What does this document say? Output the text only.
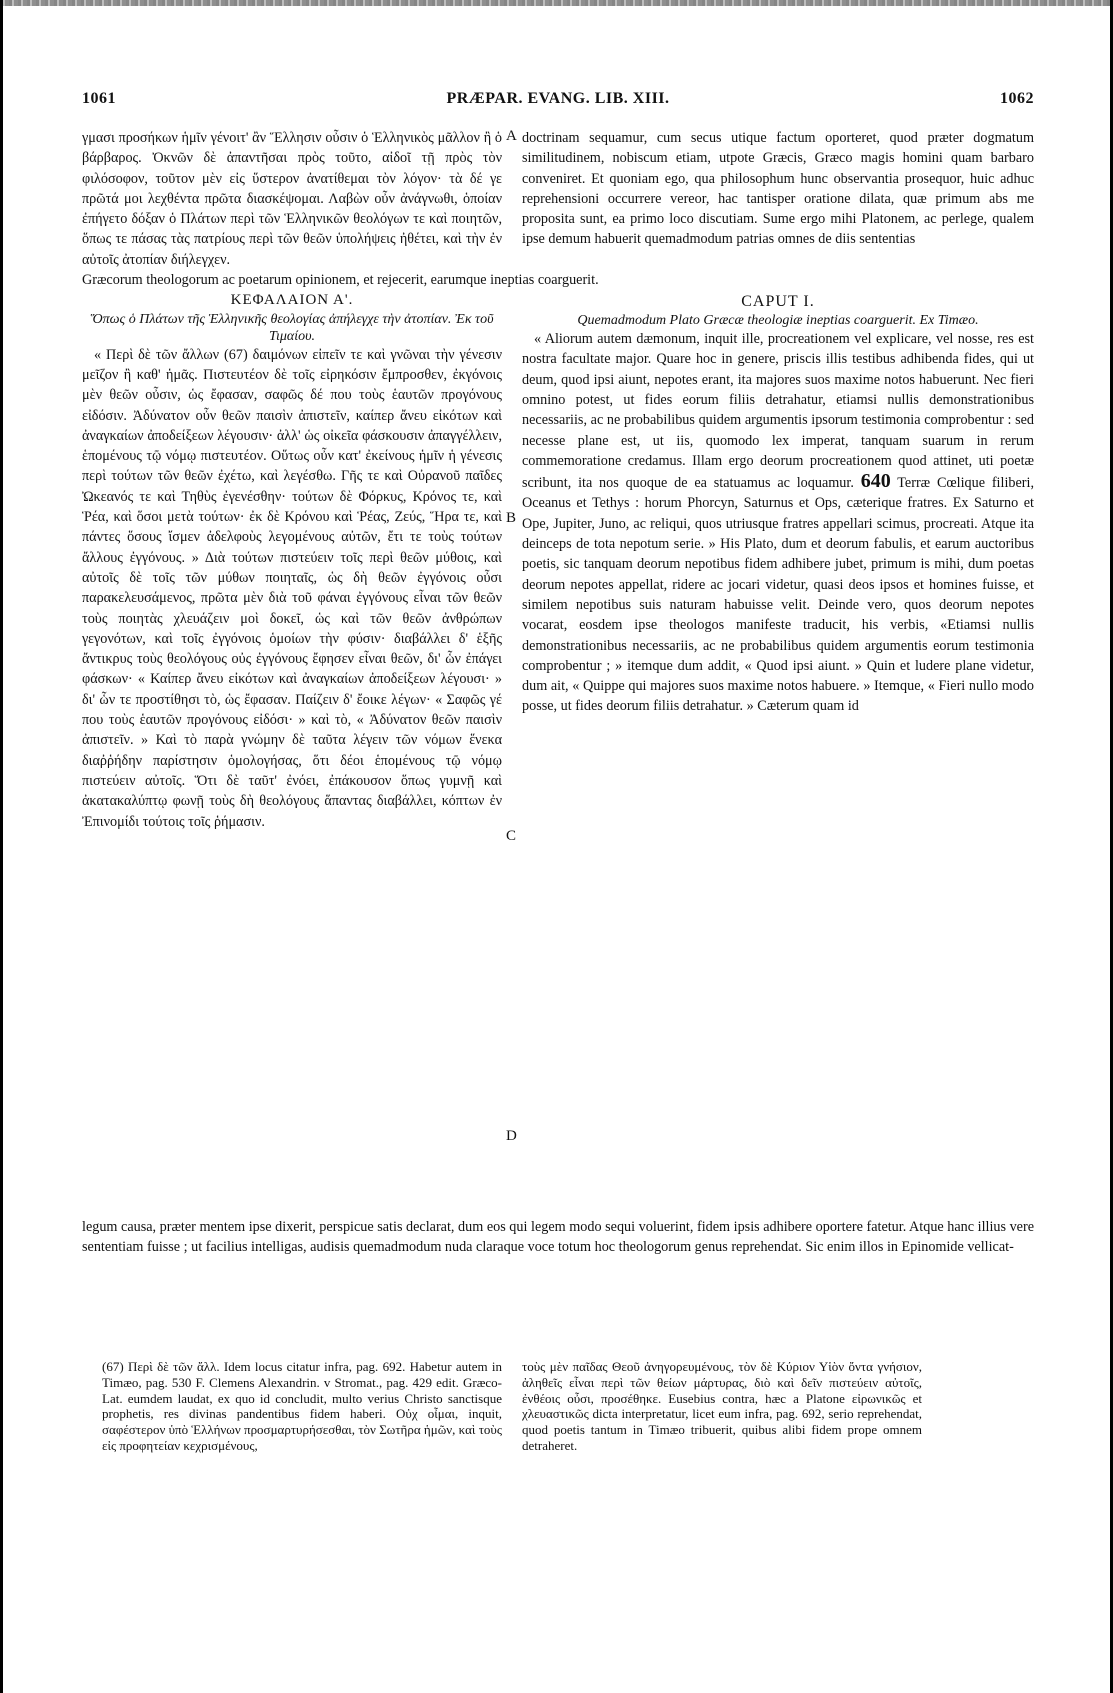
1061	PRÆPAR. EVANG. LIB. XIII.	1062
A
B
C
D

γμασι προσήκων ἡμῖν γένοιτ' ἂν Ἕλλησιν οὖσιν ὁ Ἑλληνικὸς μᾶλλον ἢ ὁ βάρβαρος. Ὀκνῶν δὲ ἀπαντῆσαι πρὸς τοῦτο, αἰδοῖ τῇ πρὸς τὸν φιλόσοφον, τοῦτον μὲν εἰς ὕστερον ἀνατίθεμαι τὸν λόγον· τὰ δέ γε πρῶτά μοι λεχθέντα πρῶτα διασκέψομαι. Λαβὼν οὖν ἀνάγνωθι, ὁποίαν ἐπήγετο δόξαν ὁ Πλάτων περὶ τῶν Ἑλληνικῶν θεολόγων τε καὶ ποιητῶν, ὅπως τε πάσας τὰς πατρίους περὶ τῶν θεῶν ὑπολήψεις ἠθέτει, καὶ τὴν ἐν αὐτοῖς ἀτοπίαν διήλεγχεν.

Græcorum theologorum ac poetarum opinionem, et rejecerit, earumque ineptias coarguerit.

ΚΕΦΑΛΑΙΟΝ Α'.

Ὅπως ὁ Πλάτων τῆς Ἑλληνικῆς θεολογίας ἀπήλεγχε τὴν ἀτοπίαν. Ἐκ τοῦ Τιμαίου.

« Περὶ δὲ τῶν ἄλλων (67) δαιμόνων εἰπεῖν τε καὶ γνῶναι τὴν γένεσιν μεῖζον ἢ καθ' ἡμᾶς. Πιστευτέον δὲ τοῖς εἰρηκόσιν ἔμπροσθεν, ἐκγόνοις μὲν θεῶν οὖσιν, ὡς ἔφασαν, σαφῶς δέ που τοὺς ἑαυτῶν προγόνους εἰδόσιν. Ἀδύνατον οὖν θεῶν παισὶν ἀπιστεῖν, καίπερ ἄνευ εἰκότων καὶ ἀναγκαίων ἀποδείξεων λέγουσιν· ἀλλ' ὡς οἰκεῖα φάσκουσιν ἀπαγγέλλειν, ἑπομένους τῷ νόμῳ πιστευτέον. Οὕτως οὖν κατ' ἐκείνους ἡμῖν ἡ γένεσις περὶ τούτων τῶν θεῶν ἐχέτω, καὶ λεγέσθω. Γῆς τε καὶ Οὐρανοῦ παῖδες Ὠκεανός τε καὶ Τηθὺς ἐγενέσθην· τούτων δὲ Φόρκυς, Κρόνος τε, καὶ Ῥέα, καὶ ὅσοι μετὰ τούτων· ἐκ δὲ Κρόνου καὶ Ῥέας, Ζεύς, Ἥρα τε, καὶ πάντες ὅσους ἴσμεν ἀδελφοὺς λεγομένους αὐτῶν, ἔτι τε τοὺς τούτων ἄλλους ἐγγόνους. » Διὰ τούτων πιστεύειν τοῖς περὶ θεῶν μύθοις, καὶ αὐτοῖς δὲ τοῖς τῶν μύθων ποιηταῖς, ὡς δὴ θεῶν ἐγγόνοις οὖσι παρακελευσάμενος, πρῶτα μὲν διὰ τοῦ φάναι ἐγγόνους εἶναι τῶν θεῶν τοὺς ποιητὰς χλευάζειν μοὶ δοκεῖ, ὡς καὶ τῶν θεῶν ἀνθρώπων γεγονότων, καὶ τοῖς ἐγγόνοις ὁμοίων τὴν φύσιν· διαβάλλει δ' ἑξῆς ἄντικρυς τοὺς θεολόγους οὐς ἐγγόνους ἔφησεν εἶναι θεῶν, δι' ὧν ἐπάγει φάσκων· « Καίπερ ἄνευ εἰκότων καὶ ἀναγκαίων ἀποδείξεων λέγουσι· » δι' ὧν τε προστίθησι τὸ, ὡς ἔφασαν. Παίζειν δ' ἔοικε λέγων· « Σαφῶς γέ που τοὺς ἑαυτῶν προγόνους εἰδόσι· » καὶ τὸ, « Ἀδύνατον θεῶν παισὶν ἀπιστεῖν. » Καὶ τὸ παρὰ γνώμην δὲ ταῦτα λέγειν τῶν νόμων ἕνεκα διαῤῥήδην παρίστησιν ὁμολογήσας, ὅτι δέοι ἑπομένους τῷ νόμῳ πιστεύειν αὐτοῖς. Ὅτι δὲ ταῦτ' ἐνόει, ἐπάκουσον ὅπως γυμνῇ καὶ ἀκατακαλύπτῳ φωνῇ τοὺς δὴ θεολόγους ἅπαντας διαβάλλει, κόπτων ἐν Ἐπινομίδι τούτοις τοῖς ῥήμασιν.

doctrinam sequamur, cum secus utique factum oporteret, quod præter dogmatum similitudinem, nobiscum etiam, utpote Græcis, Græco magis homini quam barbaro conveniret. Et quoniam ego, qua philosophum hunc observantia prosequor, huic adhuc reprehensioni occurrere vereor, hac tantisper oratione dilata, quæ primum abs me proposita sunt, ea primo loco discutiam. Sume ergo mihi Platonem, ac perlege, qualem ipse demum habuerit quemadmodum patrias omnes de diis sententias

CAPUT I.

Quemadmodum Plato Græcæ theologiæ ineptias coarguerit. Ex Timæo.

« Aliorum autem dæmonum, inquit ille, procreationem vel explicare, vel nosse, res est nostra facultate major. Quare hoc in genere, priscis illis testibus adhibenda fides, qui ut deum, quod ipsi aiunt, nepotes erant, ita majores suos maxime notos habuerunt. Nec fieri omnino potest, ut fides eorum filiis detrahatur, etiamsi nullis demonstrationibus necessariis, ac ne probabilibus quidem argumentis ipsorum testimonia comprobentur : sed necesse plane est, ut iis, quomodo lex imperat, tanquam suarum in rerum commemoratione credamus. Illam ergo deorum procreationem quod attinet, uti poetæ scribunt, ita nos quoque de ea statuamus ac loquamur. 640 Terræ Cœlique filiberi, Oceanus et Tethys : horum Phorcyn, Saturnus et Ops, cæterique fratres. Ex Saturno et Ope, Jupiter, Juno, ac reliqui, quos utriusque fratres appellari scimus, procreati. Atque ita deinceps de tota nepotum serie. » His Plato, dum et deorum fabulis, et earum auctoribus poetis, sic tanquam deorum nepotibus fidem adhibere jubet, primum is mihi, dum poetas deorum nepotes appellat, ridere ac jocari videtur, quasi deos ipsos et homines fuisse, et similem nepotibus suis naturam habuisse velit. Deinde vero, quos deorum nepotes vocarat, eosdem ipse theologos manifeste traducit, his verbis, «Etiamsi nullis demonstrationibus necessariis, ac ne probabilibus quidem argumentis eorum testimonia comprobentur ; » itemque dum addit, « Quod ipsi aiunt. » Quin et ludere plane videtur, dum ait, « Quippe qui majores suos maxime notos habuere. » Itemque, « Fieri nullo modo posse, ut fides deorum filiis detrahatur. » Cæterum quam id

legum causa, præter mentem ipse dixerit, perspicue satis declarat, dum eos qui legem modo sequi voluerint, fidem ipsis adhibere oportere fatetur. Atque hanc illius vere sententiam fuisse ; ut facilius intelligas, audisis quemadmodum nuda claraque voce totum hoc theologorum genus reprehendat. Sic enim illos in Epinomide vellicat-

(67) Περὶ δὲ τῶν ἄλλ. Idem locus citatur infra, pag. 692. Habetur autem in Timæo, pag. 530 F. Clemens Alexandrin. v Stromat., pag. 429 edit. Græco-Lat. eumdem laudat, ex quo id concludit, multo verius Christo sanctisque prophetis, res divinas pandentibus fidem haberi. Οὐχ οἶμαι, inquit, σαφέστερον ὑπὸ Ἑλλήνων προσμαρτυρήσεσθαι, τὸν Σωτῆρα ἡμῶν, καὶ τοὺς εἰς προφητείαν κεχρισμένους,

τοὺς μὲν παῖδας Θεοῦ ἀνηγορευμένους, τὸν δὲ Κύριον Υἱὸν ὄντα γνήσιον, ἀληθεῖς εἶναι περὶ τῶν θείων μάρτυρας, διὸ καὶ δεῖν πιστεύειν αὐτοῖς, ἐνθέοις οὖσι, προσέθηκε. Eusebius contra, hæc a Platone εἰρωνικῶς et χλευαστικῶς dicta interpretatur, licet eum infra, pag. 692, serio reprehendat, quod poetis tantum in Timæo tribuerit, quibus alibi fidem prope omnem detraheret.
